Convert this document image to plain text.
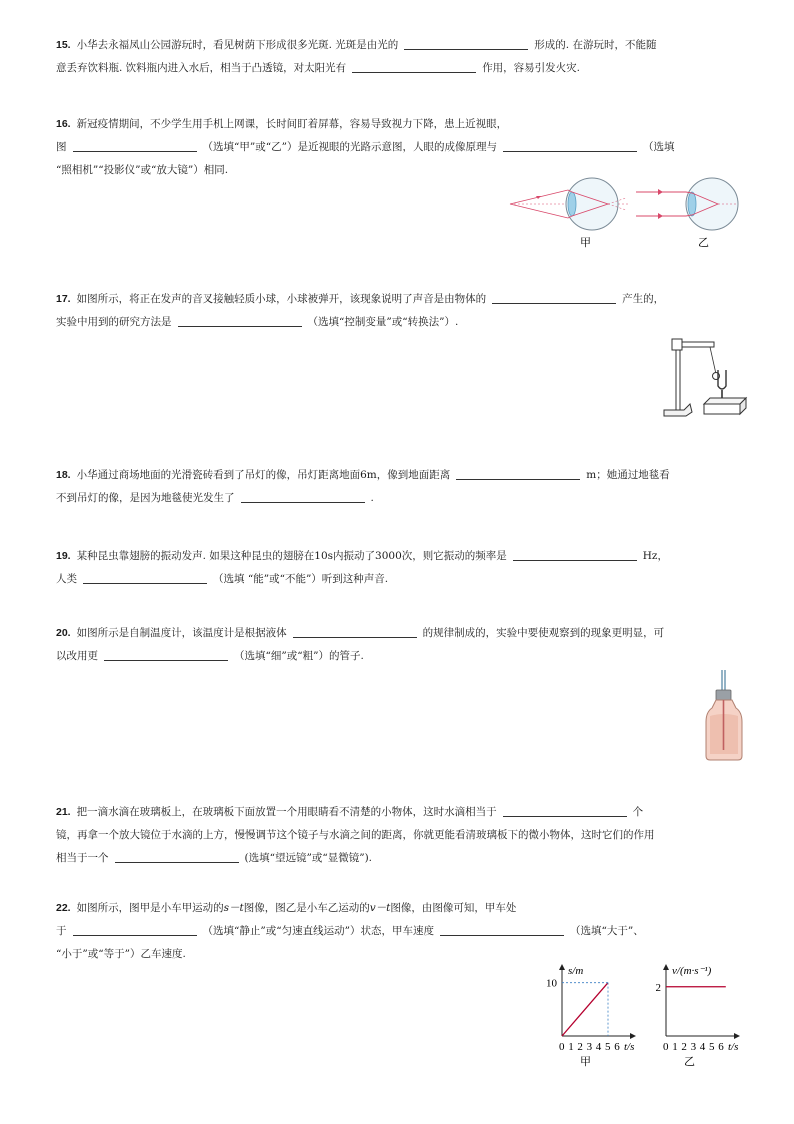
15. 小华去永福凤山公园游玩时，看见树荫下形成很多光斑. 光斑是由光的	形成的. 在游玩时，不能随
意丢弃饮料瓶. 饮料瓶内进入水后，相当于凸透镜，对太阳光有	作用，容易引发火灾.
16. 新冠疫情期间，不少学生用手机上网课，长时间盯着屏幕，容易导致视力下降，患上近视眼，
图	（选填“甲”或“乙”）是近视眼的光路示意图，人眼的成像原理与	（选填
“照相机”“投影仪”或“放大镜”）相同.
甲	乙
17. 如图所示，将正在发声的音叉接触轻质小球，小球被弹开，该现象说明了声音是由物体的	产生的，
实验中用到的研究方法是	（选填“控制变量”或“转换法”）.
18. 小华通过商场地面的光滑瓷砖看到了吊灯的像，吊灯距离地面6m，像到地面距离	m；她通过地毯看
不到吊灯的像，是因为地毯使光发生了	.
19. 某种昆虫靠翅膀的振动发声. 如果这种昆虫的翅膀在10s内振动了3000次，则它振动的频率是	Hz，
人类	（选填 “能”或“不能”）听到这种声音.
20. 如图所示是自制温度计，该温度计是根据液体	的规律制成的，实验中要使观察到的现象更明显，可
以改用更	（选填“细”或“粗”）的管子.
21. 把一滴水滴在玻璃板上，在玻璃板下面放置一个用眼睛看不清楚的小物体，这时水滴相当于	个
镜，再拿一个放大镜位于水滴的上方，慢慢调节这个镜子与水滴之间的距离，你就更能看清玻璃板下的微小物体，这时它们的作用
相当于一个	(选填“望远镜”或“显微镜”).
22. 如图所示，图甲是小车甲运动的s－t图像，图乙是小车乙运动的v－t图像，由图像可知，甲车处
于	（选填“静止”或“匀速直线运动”）状态，甲车速度	（选填“大于”、
“小于”或“等于”）乙车速度.
s/m
t/s
甲
0 1 2 3 4 5 6
10
v/(m·s⁻¹)
t/s
乙
0 1 2 3 4 5 6
2
